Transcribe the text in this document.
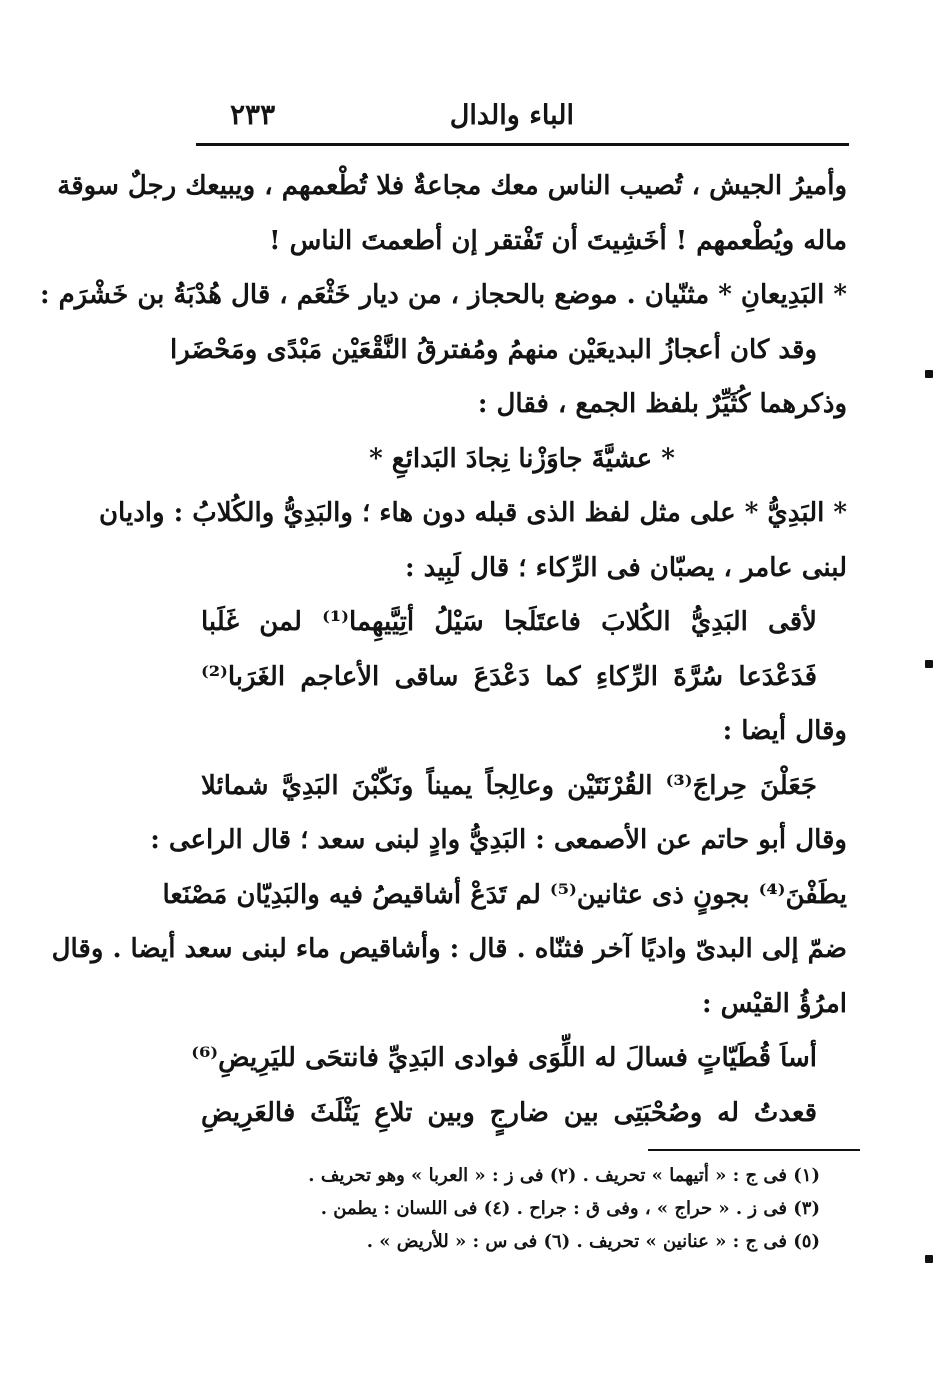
الباء والدال
٢٣٣
وأميرُ الجيش ، تُصيب الناس معك مجاعةٌ فلا تُطْعمهم ، ويبيعك رجلٌ سوقة
ماله ويُطْعمهم ! أخَشِيتَ أن تَفْتقر إن أطعمتَ الناس !
* البَدِيعانِ * مثنّيان . موضع بالحجاز ، من ديار خَثْعَم ، قال هُدْبَةُ بن خَشْرَم :
وقد كان أعجازُ البديعَيْن منهمُ ومُفترقُ النَّقْعَيْن مَبْدًى ومَحْضَرا
وذكرهما كُثَيِّرٌ بلفظ الجمع ، فقال :
* عشيَّةَ جاوَزْنا نِجادَ البَدائعِ *
* البَدِيُّ * على مثل لفظ الذى قبله دون هاء ؛ والبَدِيُّ والكُلابُ : واديان
لبنى عامر ، يصبّان فى الرِّكاء ؛ قال لَبِيد :
لأقى البَدِيُّ الكُلابَ فاعتَلَجا سَيْلُ أتِيَّيهِما⁽¹⁾ لمن غَلَبا
فَدَعْدَعا سُرَّةَ الرِّكاءِ كما دَعْدَعَ ساقى الأعاجم الغَرَبا⁽²⁾
وقال أيضا :
جَعَلْنَ حِراجَ⁽³⁾ القُرْنَتَيْن وعالِجاً يميناً ونَكّبْنَ البَدِيَّ شمائلا
وقال أبو حاتم عن الأصمعى : البَدِيُّ وادٍ لبنى سعد ؛ قال الراعى :
يطَفْنَ⁽⁴⁾ بجونٍ ذى عثانين⁽⁵⁾ لم تَدَعْ أشاقيصُ فيه والبَدِيّان مَصْنَعا
ضمّ إلى البدىّ واديًا آخر فثنّاه . قال : وأشاقيص ماء لبنى سعد أيضا . وقال
امرُؤُ القيْس :
أساَ قُطَيّاتٍ فسالَ له اللِّوَى فوادى البَدِيِّ فانتحَى لليَرِيضِ⁽⁶⁾
قعدتُ له وصُحْبَتِى بين ضارجٍ وبين تلاعِ يَثْلَثَ فالعَرِيضِ
(١) فى ج : « أتيهما » تحريف . (٢) فى ز : « العربا » وهو تحريف .
(٣) فى ز . « حراج » ، وفى ق : جراح . (٤) فى اللسان : يطمن .
(٥) فى ج : « عنانين » تحريف . (٦) فى س : « للأريض » .
